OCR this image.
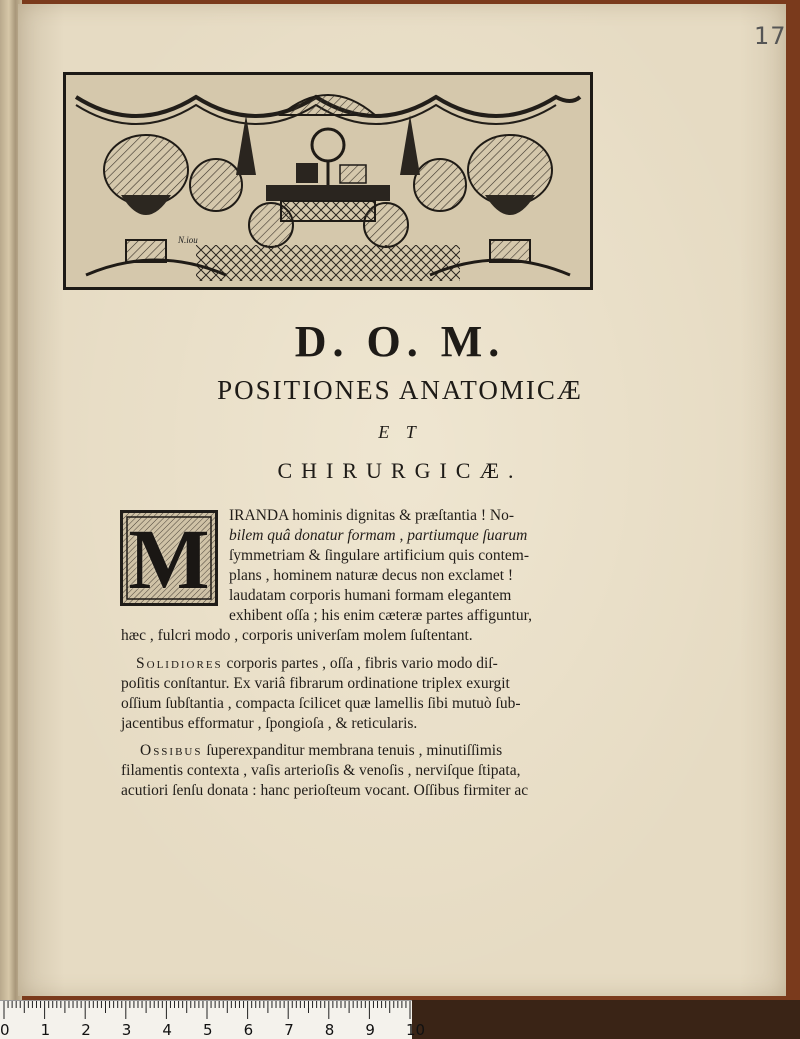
17
N.iou
D. O. M.
POSITIONES ANATOMICÆ
E T
CHIRURGICÆ.
M	IRANDA hominis dignitas & præſtantia ! No-
bilem quâ donatur formam , partiumque ſuarum
ſymmetriam & ſingulare artificium quis contem-
plans , hominem naturæ decus non exclamet !
laudatam corporis humani formam elegantem
exhibent oſſa ; his enim cæteræ partes affiguntur,
hæc , fulcri modo , corporis univerſam molem ſuſtentant.
Solidiores corporis partes , oſſa , fibris vario modo diſ-
poſitis conſtantur. Ex variâ fibrarum ordinatione triplex exurgit
oſſium ſubſtantia , compacta ſcilicet quæ lamellis ſibi mutuò ſub-
jacentibus efformatur , ſpongioſa , & reticularis.
Ossibus ſuperexpanditur membrana tenuis , minutiſſimis
filamentis contexta , vaſis arterioſis & venoſis , nerviſque ſtipata,
acutiori ſenſu donata : hanc perioſteum vocant. Oſſibus firmiter ac
0 1 2 3 4 5 6 7 8 9 10
